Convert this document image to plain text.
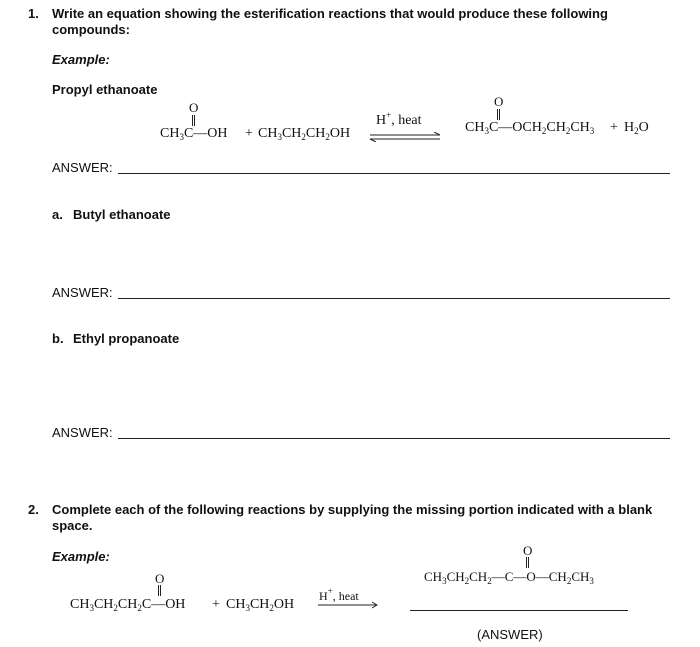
1. Write an equation showing the esterification reactions that would produce these following compounds:
Example:
Propyl ethanoate
O
$CH_3C—OH + CH_3CH_2CH_2OH$
H+, heat
O
$CH_3C—OCH_2CH_2CH_3 + H_2O$
ANSWER:
a. Butyl ethanoate
ANSWER:
b. Ethyl propanoate
ANSWER:
2. Complete each of the following reactions by supplying the missing portion indicated with a blank space.
Example:
O
$CH_3CH_2CH_2C—OH + CH_3CH_2OH$
H+, heat
O
$CH_3CH_2CH_2—C—O—CH_2CH_3$
(ANSWER)
